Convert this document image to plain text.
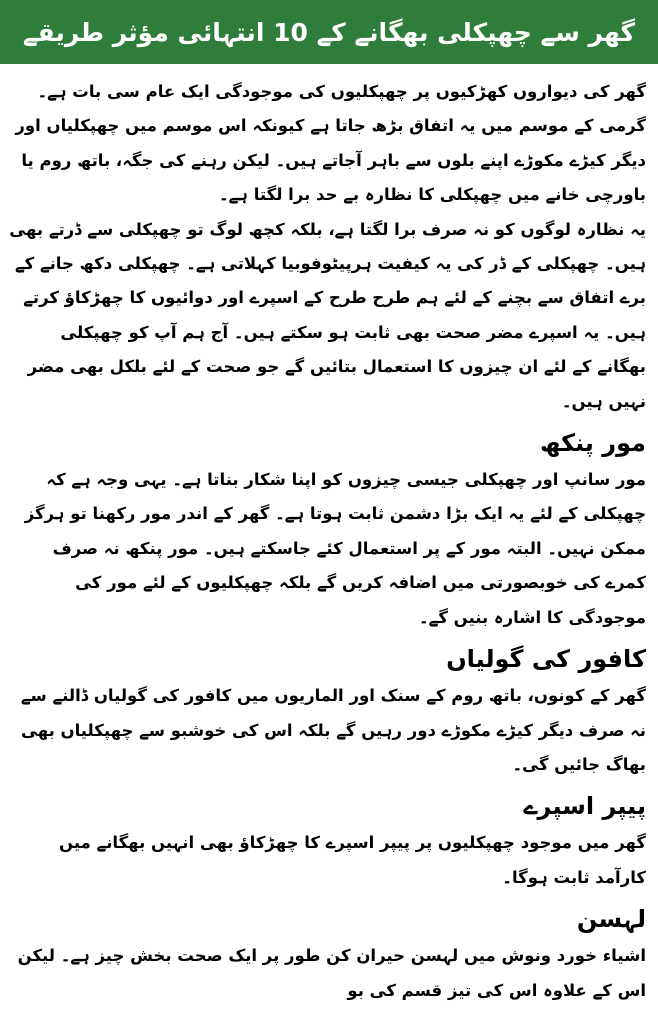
گھر سے چھپکلی بھگانے کے 10 انتہائی مؤثر طریقے

گھر کی دیواروں کھڑکیوں پر چھپکلیوں کی موجودگی ایک عام سی بات ہے۔ گرمی کے موسم میں یہ اتفاق بڑھ جاتا ہے کیونکہ اس موسم میں چھپکلیاں اور دیگر کیڑے مکوڑے اپنے بلوں سے باہر آجاتے ہیں۔ لیکن رہنے کی جگہ، باتھ روم یا باورچی خانے میں چھپکلی کا نظارہ بے حد برا لگتا ہے۔

یہ نظارہ لوگوں کو نہ صرف برا لگتا ہے، بلکہ کچھ لوگ تو چھپکلی سے ڈرتے بھی ہیں۔ چھپکلی کے ڈر کی یہ کیفیت ہرپیٹوفوبیا کہلاتی ہے۔ چھپکلی دکھ جانے کے برے اتفاق سے بچنے کے لئے ہم طرح طرح کے اسپرے اور دوائیوں کا چھڑکاؤ کرتے ہیں۔ یہ اسپرے مضر صحت بھی ثابت ہو سکتے ہیں۔ آج ہم آپ کو چھپکلی بھگانے کے لئے ان چیزوں کا استعمال بتائیں گے جو صحت کے لئے بلکل بھی مضر نہیں ہیں۔

مور پنکھ

مور سانپ اور چھپکلی جیسی چیزوں کو اپنا شکار بناتا ہے۔ یہی وجہ ہے کہ چھپکلی کے لئے یہ ایک بڑا دشمن ثابت ہوتا ہے۔ گھر کے اندر مور رکھنا تو ہرگز ممکن نہیں۔ البتہ مور کے پر استعمال کئے جاسکتے ہیں۔ مور پنکھ نہ صرف کمرے کی خوبصورتی میں اضافہ کریں گے بلکہ چھپکلیوں کے لئے مور کی موجودگی کا اشارہ بنیں گے۔

کافور کی گولیاں

گھر کے کونوں، باتھ روم کے سنک اور الماریوں میں کافور کی گولیاں ڈالنے سے نہ صرف دیگر کیڑے مکوڑے دور رہیں گے بلکہ اس کی خوشبو سے چھپکلیاں بھی بھاگ جائیں گی۔

پیپر اسپرے

گھر میں موجود چھپکلیوں پر پیپر اسپرے کا چھڑکاؤ بھی انہیں بھگانے میں کارآمد ثابت ہوگا۔

لہسن

اشیاء خورد ونوش میں لہسن حیران کن طور پر ایک صحت بخش چیز ہے۔ لیکن اس کے علاوہ اس کی تیز قسم کی بو
